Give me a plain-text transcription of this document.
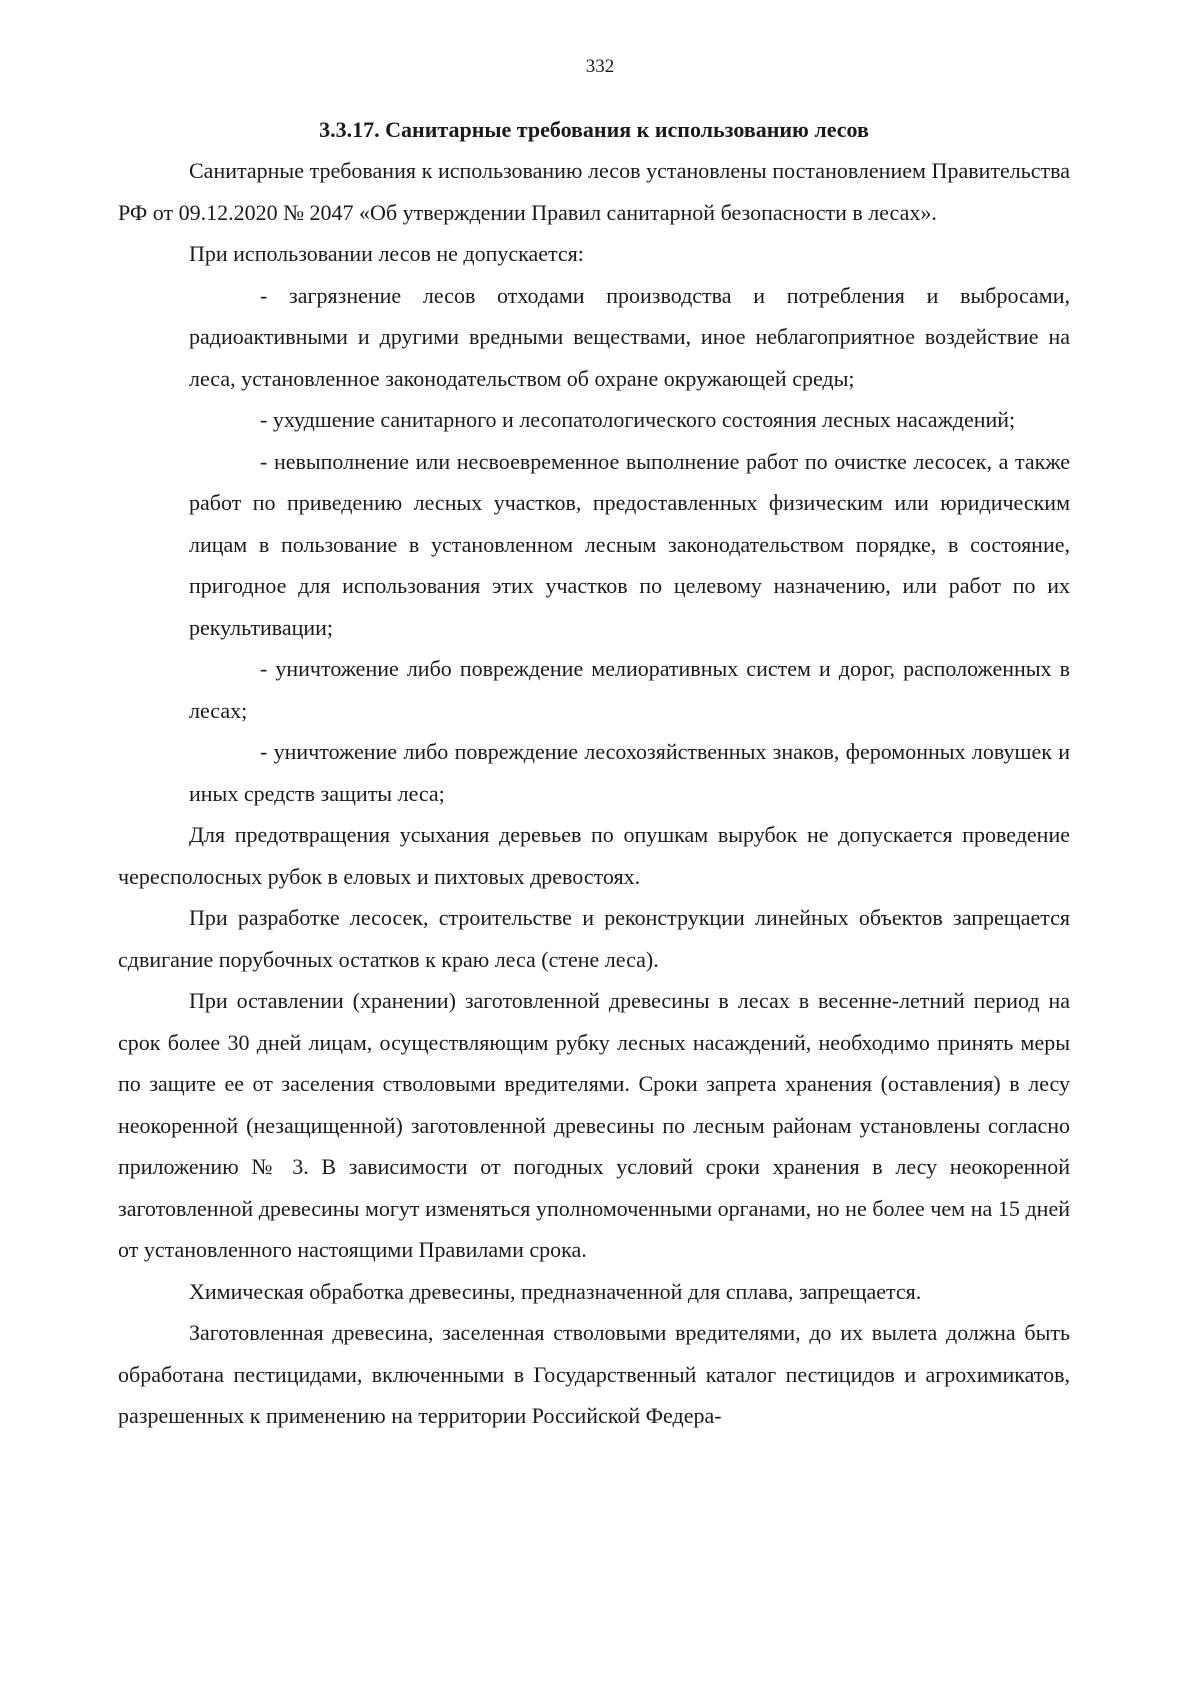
332

3.3.17. Санитарные требования к использованию лесов

Санитарные требования к использованию лесов установлены постановлением Правительства РФ от 09.12.2020 № 2047 «Об утверждении Правил санитарной безопасности в лесах».

При использовании лесов не допускается:

- загрязнение лесов отходами производства и потребления и выбросами, радиоактивными и другими вредными веществами, иное неблагоприятное воздействие на леса, установленное законодательством об охране окружающей среды;

- ухудшение санитарного и лесопатологического состояния лесных насаждений;

- невыполнение или несвоевременное выполнение работ по очистке лесосек, а также работ по приведению лесных участков, предоставленных физическим или юридическим лицам в пользование в установленном лесным законодательством порядке, в состояние, пригодное для использования этих участков по целевому назначению, или работ по их рекультивации;

- уничтожение либо повреждение мелиоративных систем и дорог, расположенных в лесах;

- уничтожение либо повреждение лесохозяйственных знаков, феромонных ловушек и иных средств защиты леса;

Для предотвращения усыхания деревьев по опушкам вырубок не допускается проведение чересполосных рубок в еловых и пихтовых древостоях.

При разработке лесосек, строительстве и реконструкции линейных объектов запрещается сдвигание порубочных остатков к краю леса (стене леса).

При оставлении (хранении) заготовленной древесины в лесах в весенне-летний период на срок более 30 дней лицам, осуществляющим рубку лесных насаждений, необходимо принять меры по защите ее от заселения стволовыми вредителями. Сроки запрета хранения (оставления) в лесу неокоренной (незащищенной) заготовленной древесины по лесным районам установлены согласно приложению № 3. В зависимости от погодных условий сроки хранения в лесу неокоренной заготовленной древесины могут изменяться уполномоченными органами, но не более чем на 15 дней от установленного настоящими Правилами срока.

Химическая обработка древесины, предназначенной для сплава, запрещается.

Заготовленная древесина, заселенная стволовыми вредителями, до их вылета должна быть обработана пестицидами, включенными в Государственный каталог пестицидов и агрохимикатов, разрешенных к применению на территории Российской Федера-
